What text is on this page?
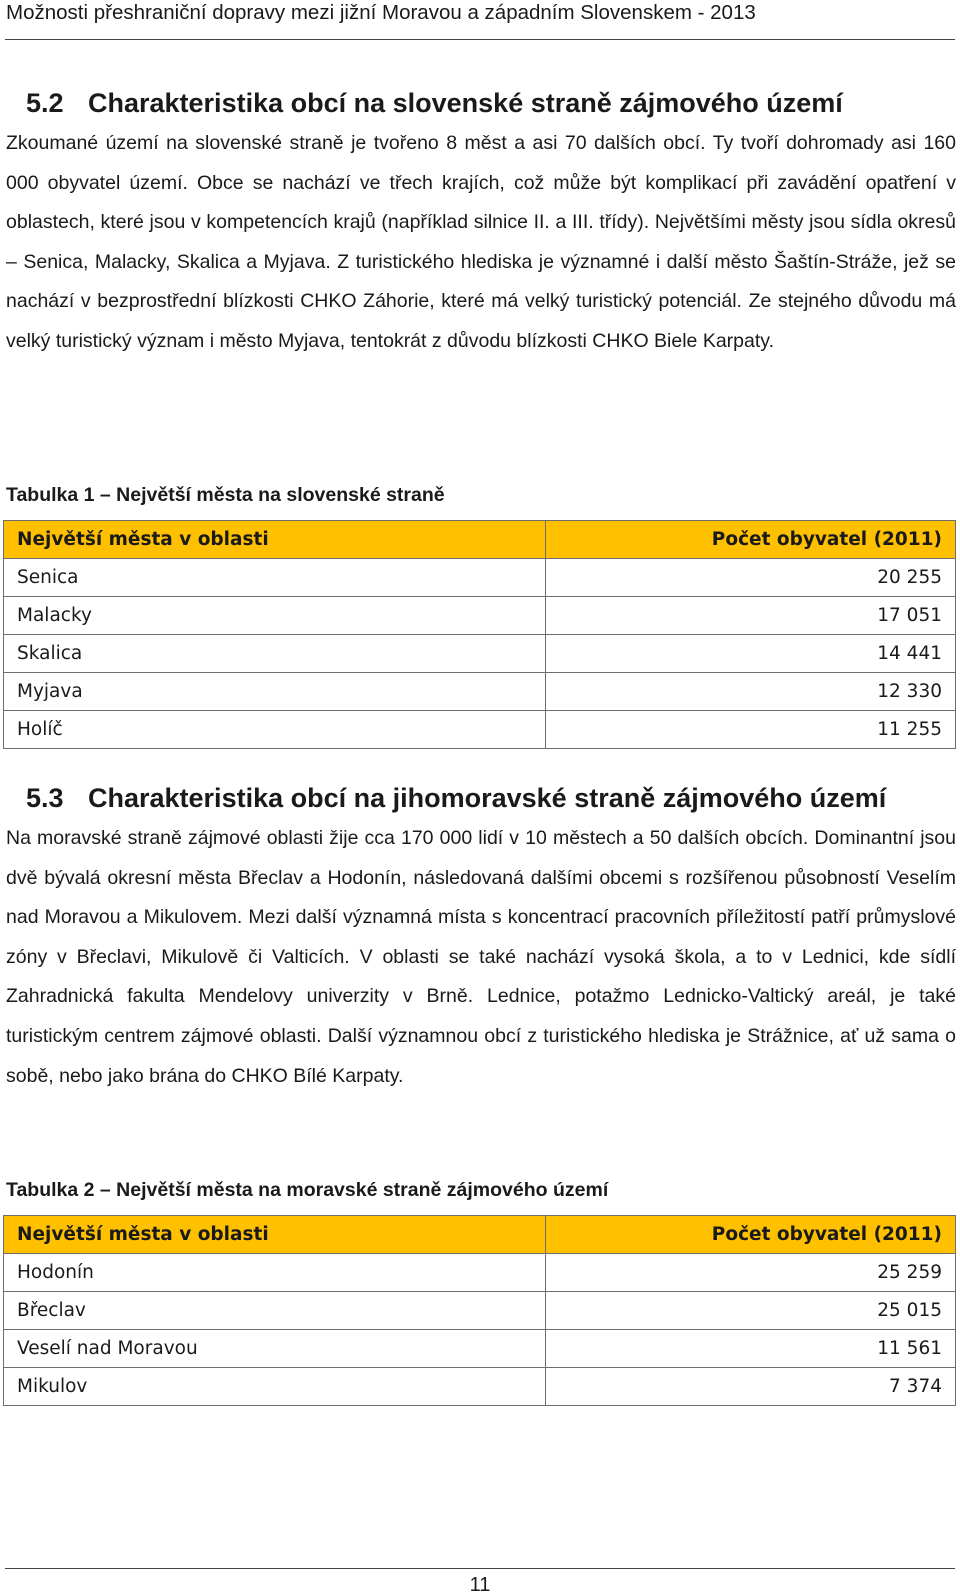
Možnosti přeshraniční dopravy mezi jižní Moravou a západním Slovenskem - 2013
5.2 Charakteristika obcí na slovenské straně zájmového území

Zkoumané území na slovenské straně je tvořeno 8 měst a asi 70 dalších obcí. Ty tvoří dohromady asi 160 000 obyvatel území. Obce se nachází ve třech krajích, což může být komplikací při zavádění opatření v oblastech, které jsou v kompetencích krajů (například silnice II. a III. třídy). Největšími městy jsou sídla okresů – Senica, Malacky, Skalica a Myjava. Z turistického hlediska je významné i další město Šaštín-Stráže, jež se nachází v bezprostřední blízkosti CHKO Záhorie, které má velký turistický potenciál. Ze stejného důvodu má velký turistický význam i město Myjava, tentokrát z důvodu blízkosti CHKO Biele Karpaty.

Tabulka 1 – Největší města na slovenské straně
Největší města v oblasti	Počet obyvatel (2011)
Senica	20 255
Malacky	17 051
Skalica	14 441
Myjava	12 330
Holíč	11 255
5.3 Charakteristika obcí na jihomoravské straně zájmového území

Na moravské straně zájmové oblasti žije cca 170 000 lidí v 10 městech a 50 dalších obcích. Dominantní jsou dvě bývalá okresní města Břeclav a Hodonín, následovaná dalšími obcemi s rozšířenou působností Veselím nad Moravou a Mikulovem. Mezi další významná místa s koncentrací pracovních příležitostí patří průmyslové zóny v Břeclavi, Mikulově či Valticích. V oblasti se také nachází vysoká škola, a to v Lednici, kde sídlí Zahradnická fakulta Mendelovy univerzity v Brně. Lednice, potažmo Lednicko-Valtický areál, je také turistickým centrem zájmové oblasti. Další významnou obcí z turistického hlediska je Strážnice, ať už sama o sobě, nebo jako brána do CHKO Bílé Karpaty.

Tabulka 2 – Největší města na moravské straně zájmového území
Největší města v oblasti	Počet obyvatel (2011)
Hodonín	25 259
Břeclav	25 015
Veselí nad Moravou	11 561
Mikulov	7 374
11
